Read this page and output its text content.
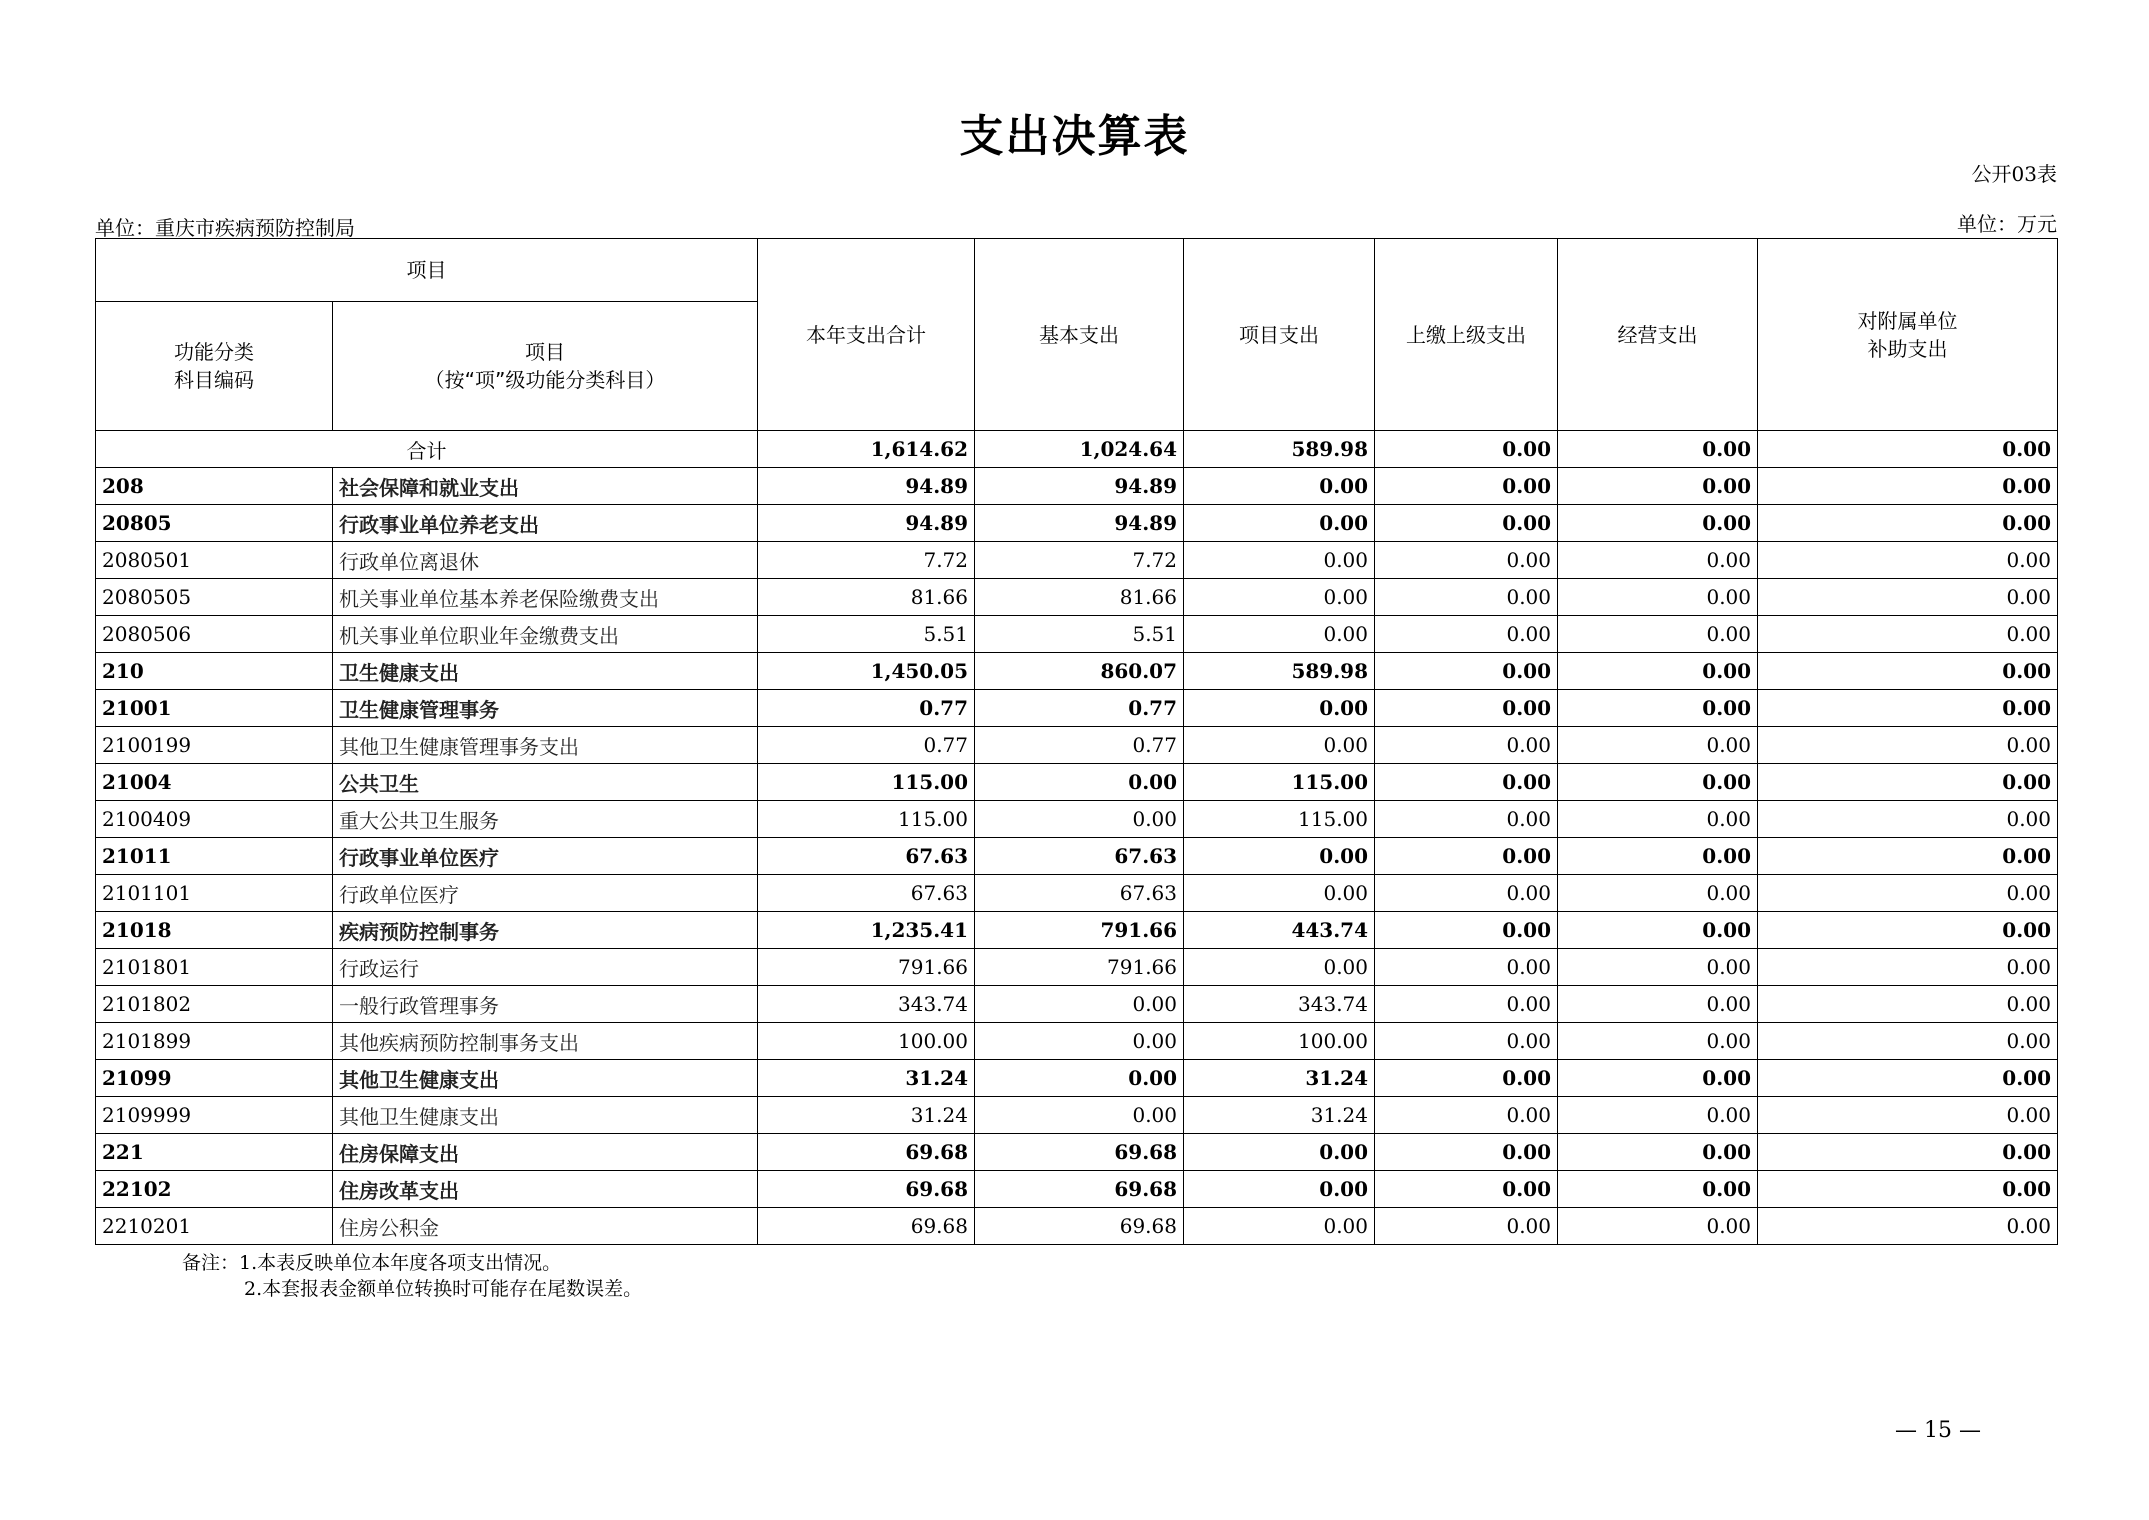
支出决算表
公开03表
单位：重庆市疾病预防控制局	单位：万元
项目		本年支出合计	基本支出	项目支出	上缴上级支出	经营支出	对附属单位
补助支出
功能分类
科目编码	项目
（按“项”级功能分类科目）						
合计		1,614.62	1,024.64	589.98	0.00	0.00	0.00
208	社会保障和就业支出	94.89	94.89	0.00	0.00	0.00	0.00
20805	行政事业单位养老支出	94.89	94.89	0.00	0.00	0.00	0.00
2080501	行政单位离退休	7.72	7.72	0.00	0.00	0.00	0.00
2080505	机关事业单位基本养老保险缴费支出	81.66	81.66	0.00	0.00	0.00	0.00
2080506	机关事业单位职业年金缴费支出	5.51	5.51	0.00	0.00	0.00	0.00
210	卫生健康支出	1,450.05	860.07	589.98	0.00	0.00	0.00
21001	卫生健康管理事务	0.77	0.77	0.00	0.00	0.00	0.00
2100199	其他卫生健康管理事务支出	0.77	0.77	0.00	0.00	0.00	0.00
21004	公共卫生	115.00	0.00	115.00	0.00	0.00	0.00
2100409	重大公共卫生服务	115.00	0.00	115.00	0.00	0.00	0.00
21011	行政事业单位医疗	67.63	67.63	0.00	0.00	0.00	0.00
2101101	行政单位医疗	67.63	67.63	0.00	0.00	0.00	0.00
21018	疾病预防控制事务	1,235.41	791.66	443.74	0.00	0.00	0.00
2101801	行政运行	791.66	791.66	0.00	0.00	0.00	0.00
2101802	一般行政管理事务	343.74	0.00	343.74	0.00	0.00	0.00
2101899	其他疾病预防控制事务支出	100.00	0.00	100.00	0.00	0.00	0.00
21099	其他卫生健康支出	31.24	0.00	31.24	0.00	0.00	0.00
2109999	其他卫生健康支出	31.24	0.00	31.24	0.00	0.00	0.00
221	住房保障支出	69.68	69.68	0.00	0.00	0.00	0.00
22102	住房改革支出	69.68	69.68	0.00	0.00	0.00	0.00
2210201	住房公积金	69.68	69.68	0.00	0.00	0.00	0.00
备注：1.本表反映单位本年度各项支出情况。
2.本套报表金额单位转换时可能存在尾数误差。
— 15 —
